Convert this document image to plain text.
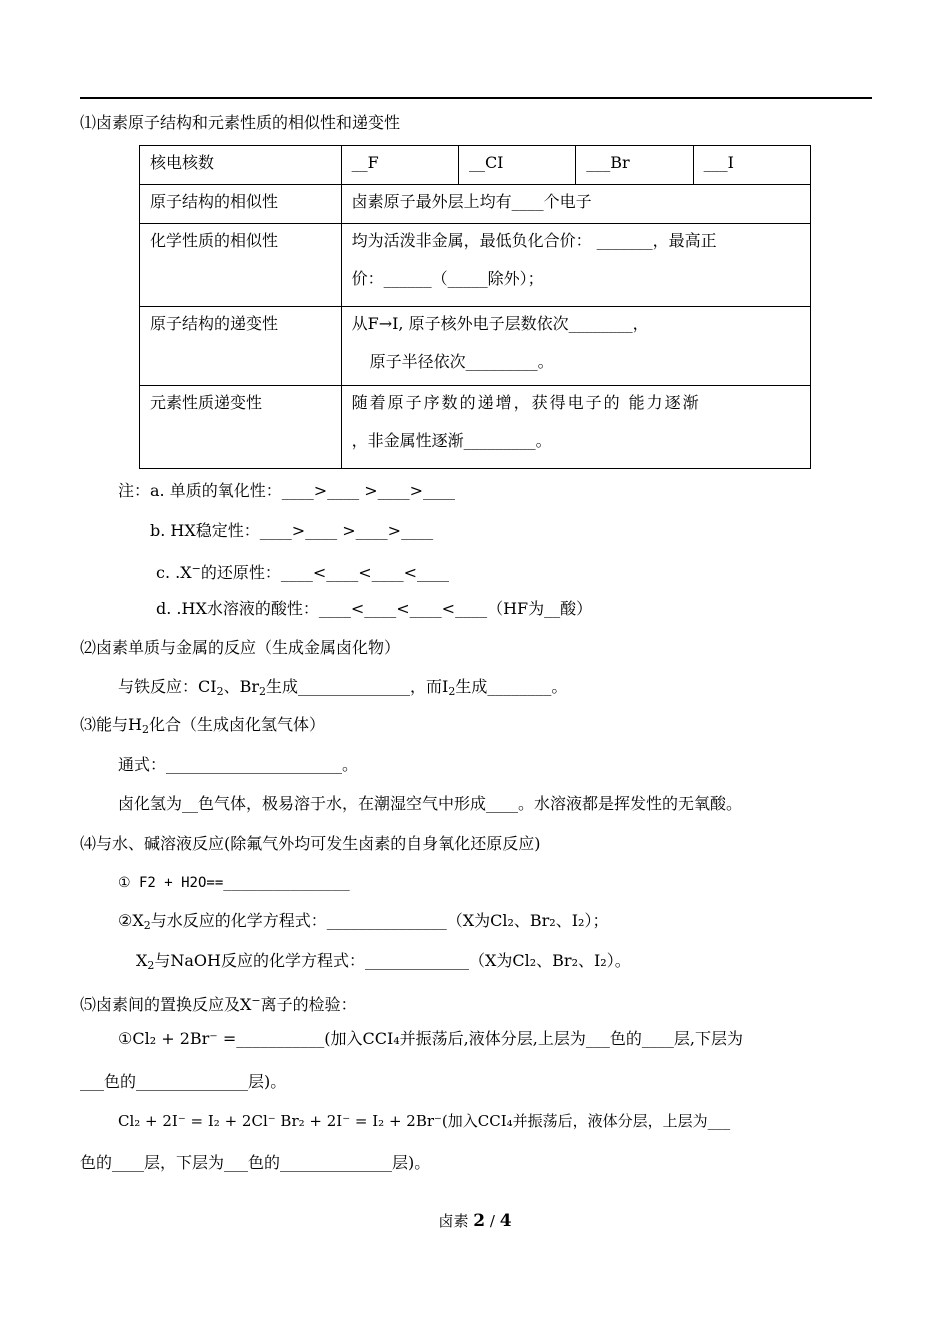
⑴卤素原子结构和元素性质的相似性和递变性
核电核数	__F	__CI	___Br	___I
原子结构的相似性	卤素原子最外层上均有____个电子			
化学性质的相似性	均为活泼非金属，最低负化合价： _______，最高正
价：______（_____除外）；			

原子结构的递变性	从F→I, 原子核外电子层数依次________，
原子半径依次_________。			

元素性质递变性	随着原子序数的递增，获得电子的 能力逐渐
，非金属性逐渐_________。			
注：a. 单质的氧化性：____>____ >____>____
b. HX稳定性：____>____ >____>____
c. .X−的还原性：____<____<____<____
d. .HX水溶液的酸性：____<____<____<____（HF为__酸）
⑵卤素单质与金属的反应（生成金属卤化物）
与铁反应：$CI_2$、$Br_2$生成______________，而$I_2$生成________。
⑶能与$H_2$化合（生成卤化氢气体）
通式：______________________。
卤化氢为__色气体，极易溶于水，在潮湿空气中形成____。水溶液都是挥发性的无氧酸。
⑷与水、碱溶液反应(除氟气外均可发生卤素的自身氧化还原反应)
① F2 + H2O==_______________
$②X_2$与水反应的化学方程式：_______________（X为Cl₂、Br₂、I₂）；
$X_2$与NaOH反应的化学方程式：_____________（X为Cl₂、Br₂、I₂）。
⑸卤素间的置换反应及X−离子的检验：
①Cl₂ + 2Br⁻ =___________(加入CCI₄并振荡后,液体分层,上层为___色的____层,下层为
___色的______________层)。
Cl₂ + 2I⁻ = I₂ + 2Cl⁻ Br₂ + 2I⁻ = I₂ + 2Br⁻(加入CCI₄并振荡后，液体分层，上层为___
色的____层，下层为___色的______________层)。
卤素 2 / 4
